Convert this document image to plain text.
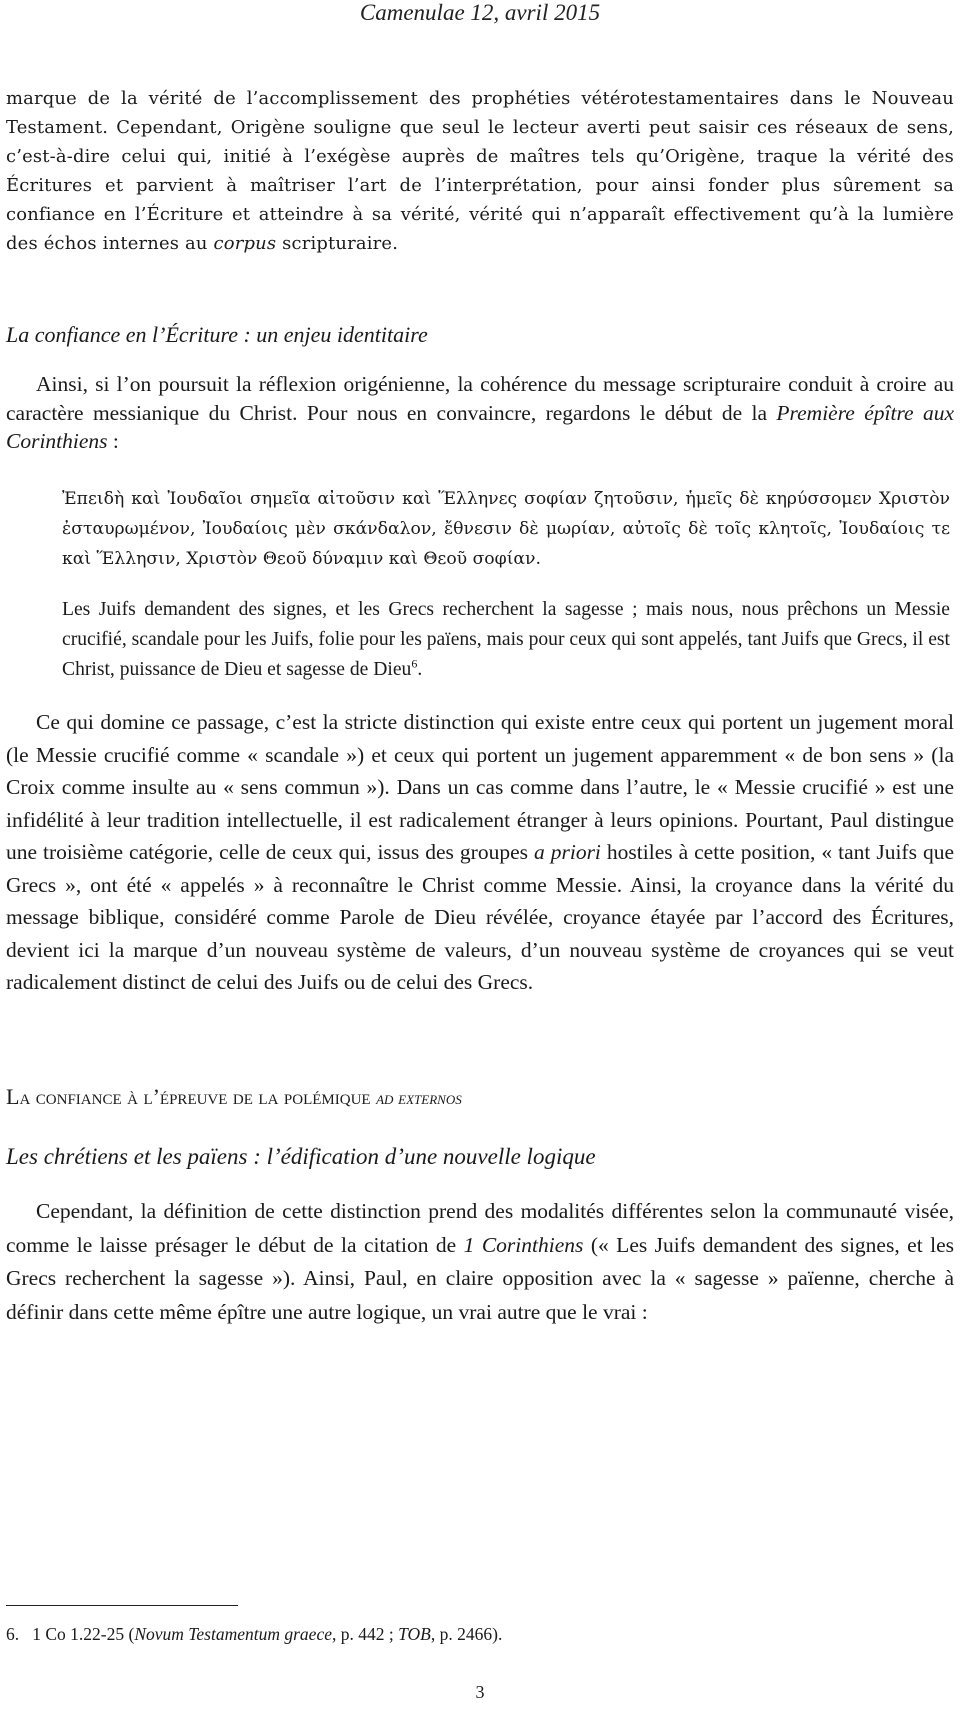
Camenulae 12, avril 2015

marque de la vérité de l’accomplissement des prophéties vétérotestamentaires dans le Nouveau Testament. Cependant, Origène souligne que seul le lecteur averti peut saisir ces réseaux de sens, c’est-à-dire celui qui, initié à l’exégèse auprès de maîtres tels qu’Origène, traque la vérité des Écritures et parvient à maîtriser l’art de l’interprétation, pour ainsi fonder plus sûrement sa confiance en l’Écriture et atteindre à sa vérité, vérité qui n’apparaît effectivement qu’à la lumière des échos internes au corpus scripturaire.

La confiance en l’Écriture : un enjeu identitaire

Ainsi, si l’on poursuit la réflexion origénienne, la cohérence du message scripturaire conduit à croire au caractère messianique du Christ. Pour nous en convaincre, regardons le début de la Première épître aux Corinthiens :

Ἐπειδὴ καὶ Ἰουδαῖοι σημεῖα αἰτοῦσιν καὶ Ἕλληνες σοφίαν ζητοῦσιν, ἡμεῖς δὲ κηρύσσομεν Χριστὸν ἐσταυρωμένον, Ἰουδαίοις μὲν σκάνδαλον, ἔθνεσιν δὲ μωρίαν, αὐτοῖς δὲ τοῖς κλητοῖς, Ἰουδαίοις τε καὶ Ἕλλησιν, Χριστὸν Θεοῦ δύναμιν καὶ Θεοῦ σοφίαν.

Les Juifs demandent des signes, et les Grecs recherchent la sagesse ; mais nous, nous prêchons un Messie crucifié, scandale pour les Juifs, folie pour les païens, mais pour ceux qui sont appelés, tant Juifs que Grecs, il est Christ, puissance de Dieu et sagesse de Dieu$^6$.

Ce qui domine ce passage, c’est la stricte distinction qui existe entre ceux qui portent un jugement moral (le Messie crucifié comme « scandale ») et ceux qui portent un jugement apparemment « de bon sens » (la Croix comme insulte au « sens commun »). Dans un cas comme dans l’autre, le « Messie crucifié » est une infidélité à leur tradition intellectuelle, il est radicalement étranger à leurs opinions. Pourtant, Paul distingue une troisième catégorie, celle de ceux qui, issus des groupes a priori hostiles à cette position, « tant Juifs que Grecs », ont été « appelés » à reconnaître le Christ comme Messie. Ainsi, la croyance dans la vérité du message biblique, considéré comme Parole de Dieu révélée, croyance étayée par l’accord des Écritures, devient ici la marque d’un nouveau système de valeurs, d’un nouveau système de croyances qui se veut radicalement distinct de celui des Juifs ou de celui des Grecs.

La confiance à l’épreuve de la polémique ad externos
Les chrétiens et les païens : l’édification d’une nouvelle logique

Cependant, la définition de cette distinction prend des modalités différentes selon la communauté visée, comme le laisse présager le début de la citation de 1 Corinthiens (« Les Juifs demandent des signes, et les Grecs recherchent la sagesse »). Ainsi, Paul, en claire opposition avec la « sagesse » païenne, cherche à définir dans cette même épître une autre logique, un vrai autre que le vrai :

6. 1 Co 1.22-25 (Novum Testamentum graece, p. 442 ; TOB, p. 2466).

3
